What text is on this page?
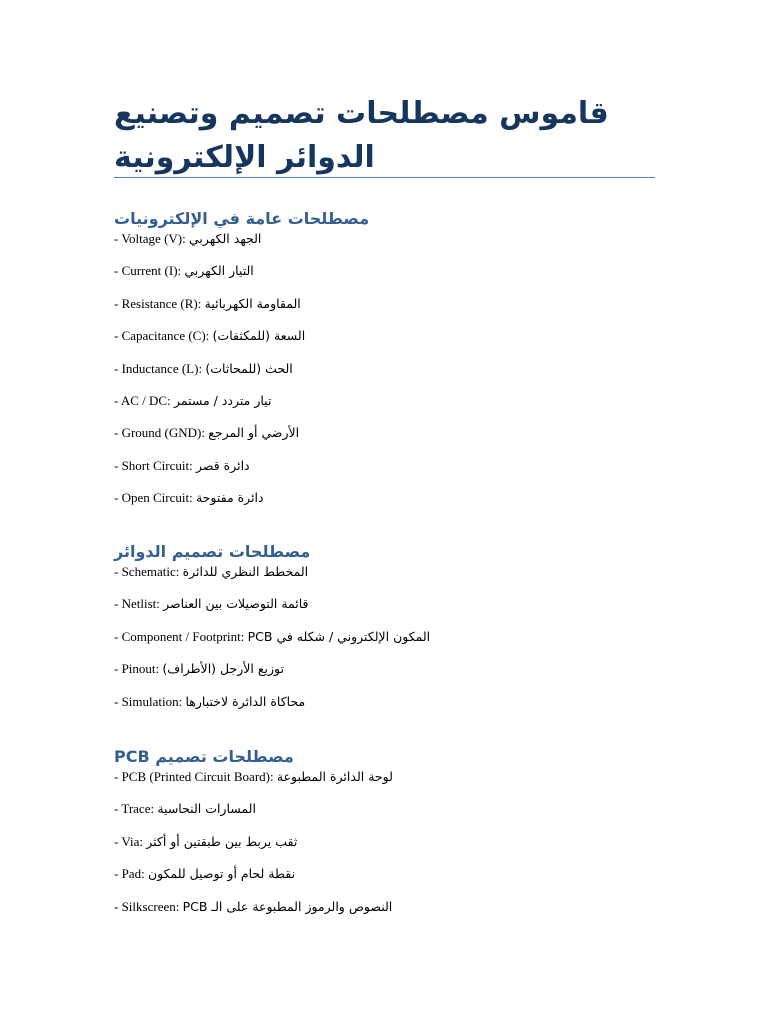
قاموس مصطلحات تصميم وتصنيع الدوائر الإلكترونية
مصطلحات عامة في الإلكترونيات
- Voltage (V): الجهد الكهربي
- Current (I): التيار الكهربي
- Resistance (R): المقاومة الكهربائية
- Capacitance (C): السعة (للمكثفات)
- Inductance (L): الحث (للمحاثات)
- AC / DC: تيار متردد / مستمر
- Ground (GND): الأرضي أو المرجع
- Short Circuit: دائرة قصر
- Open Circuit: دائرة مفتوحة
مصطلحات تصميم الدوائر
- Schematic: المخطط النظري للدائرة
- Netlist: قائمة التوصيلات بين العناصر
- Component / Footprint: المكون الإلكتروني / شكله في PCB
- Pinout: توزيع الأرجل (الأطراف)
- Simulation: محاكاة الدائرة لاختبارها
مصطلحات تصميم PCB
- PCB (Printed Circuit Board): لوحة الدائرة المطبوعة
- Trace: المسارات النحاسية
- Via: ثقب يربط بين طبقتين أو أكثر
- Pad: نقطة لحام أو توصيل للمكون
- Silkscreen: النصوص والرموز المطبوعة على الـ PCB
